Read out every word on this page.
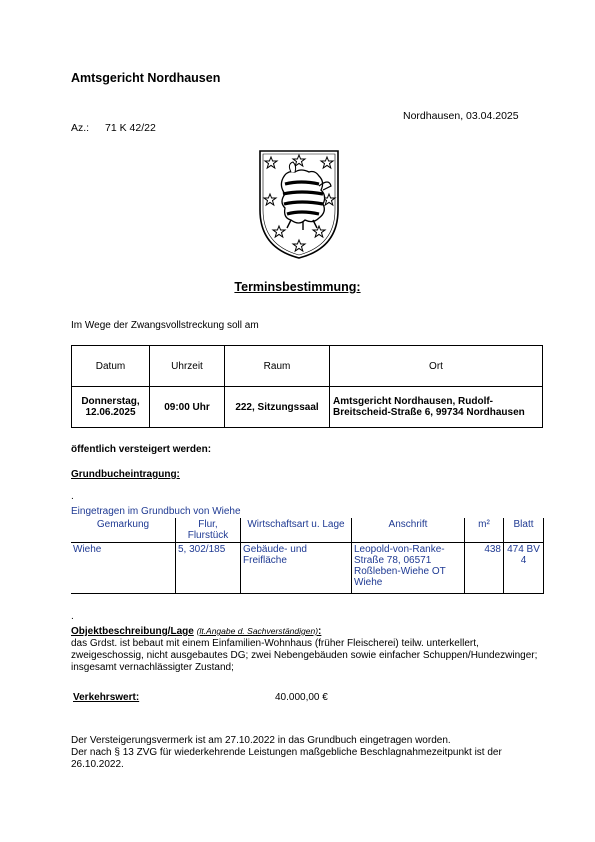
Amtsgericht Nordhausen
Nordhausen, 03.04.2025
Az.: 71 K 42/22
Terminsbestimmung:
Im Wege der Zwangsvollstreckung soll am
Datum	Uhrzeit	Raum	Ort
Donnerstag, 12.06.2025	09:00 Uhr	222, Sitzungssaal	Amtsgericht Nordhausen, Rudolf-Breitscheid-Straße 6, 99734 Nordhausen
öffentlich versteigert werden:
Grundbucheintragung:
.
Eingetragen im Grundbuch von Wiehe
Gemarkung	Flur, Flurstück	Wirtschaftsart u. Lage	Anschrift	m²	Blatt
Wiehe	5, 302/185	Gebäude- und Freifläche	Leopold-von-Ranke-Straße 78, 06571 Roßleben-Wiehe OT Wiehe	438	474 BV 4
.
Objektbeschreibung/Lage (lt.Angabe d. Sachverständigen):
das Grdst. ist bebaut mit einem Einfamilien-Wohnhaus (früher Fleischerei) teilw. unterkellert, zweigeschossig, nicht ausgebautes DG; zwei Nebengebäuden sowie einfacher Schuppen/Hundezwinger; insgesamt vernachlässigter Zustand;
Verkehrswert:	40.000,00 €
Der Versteigerungsvermerk ist am 27.10.2022 in das Grundbuch eingetragen worden.
Der nach § 13 ZVG für wiederkehrende Leistungen maßgebliche Beschlagnahmezeitpunkt ist der 26.10.2022.
